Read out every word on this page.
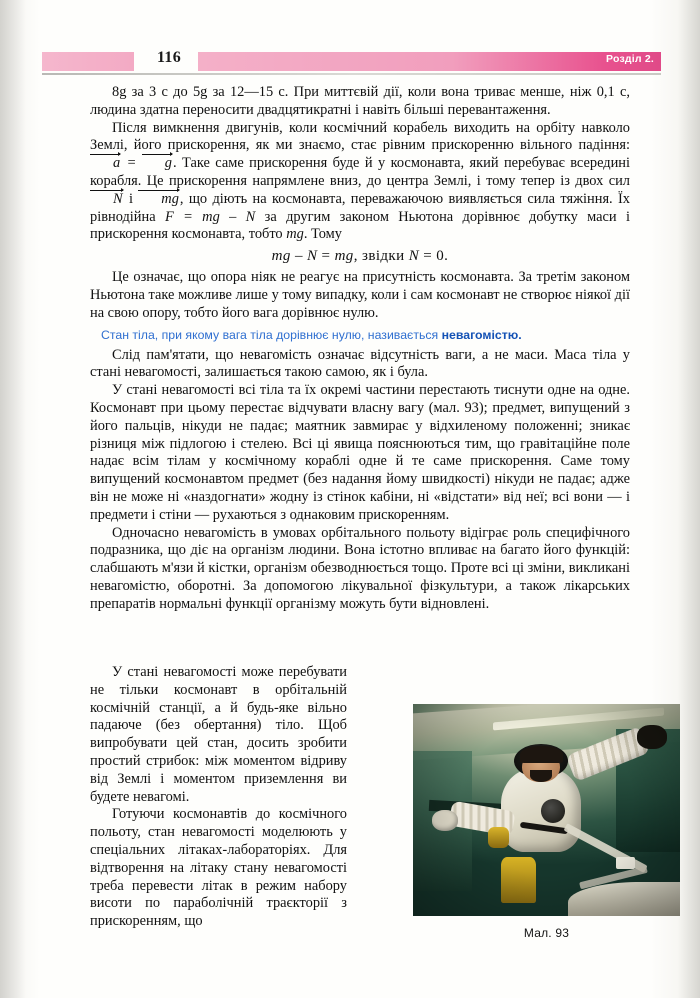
116	Розділ 2.

8g за 3 с до 5g за 12—15 с. При миттєвій дії, коли вона триває менше, ніж 0,1 с, людина здатна переносити двадцятикратні і навіть більші перевантаження.

Після вимкнення двигунів, коли космічний корабель виходить на орбіту навколо Землі, його прискорення, як ми знаємо, стає рівним прискоренню вільного падіння: a = g. Таке саме прискорення буде й у космонавта, який перебуває всередині корабля. Це прискорення напрямлене вниз, до центра Землі, і тому тепер із двох сил N і mg, що діють на космонавта, переважаючою виявляється сила тяжіння. Їх рівнодійна F = mg – N за другим законом Ньютона дорівнює добутку маси і прискорення космонавта, тобто mg. Тому

mg – N = mg, звідки N = 0.

Це означає, що опора ніяк не реагує на присутність космонавта. За третім законом Ньютона таке можливе лише у тому випадку, коли і сам космонавт не створює ніякої дії на свою опору, тобто його вага дорівнює нулю.

Стан тіла, при якому вага тіла дорівнює нулю, називається невагомістю.

Слід пам'ятати, що невагомість означає відсутність ваги, а не маси. Маса тіла у стані невагомості, залишається такою самою, як і була.

У стані невагомості всі тіла та їх окремі частини перестають тиснути одне на одне. Космонавт при цьому перестає відчувати власну вагу (мал. 93); предмет, випущений з його пальців, нікуди не падає; маятник завмирає у відхиленому положенні; зникає різниця між підлогою і стелею. Всі ці явища пояснюються тим, що гравітаційне поле надає всім тілам у космічному кораблі одне й те саме прискорення. Саме тому випущений космонавтом предмет (без надання йому швидкості) нікуди не падає; адже він не може ні «наздогнати» жодну із стінок кабіни, ні «відстати» від неї; всі вони — і предмети і стіни — рухаються з однаковим прискоренням.

Одночасно невагомість в умовах орбітального польоту відіграє роль специфічного подразника, що діє на організм людини. Вона істотно впливає на багато його функцій: слабшають м'язи й кістки, організм обезводнюється тощо. Проте всі ці зміни, викликані невагомістю, оборотні. За допомогою лікувальної фізкультури, а також лікарських препаратів нормальні функції організму можуть бути відновлені.

У стані невагомості може перебувати не тільки космонавт в орбітальній космічній станції, а й будь-яке вільно падаюче (без обертання) тіло. Щоб випробувати цей стан, досить зробити простий стрибок: між моментом відриву від Землі і моментом приземлення ви будете невагомі.

Готуючи космонавтів до космічного польоту, стан невагомості моделюють у спеціальних літаках-лабораторіях. Для відтворення на літаку стану невагомості треба перевести літак в режим набору висоти по параболічній траєкторії з прискоренням, що

Мал. 93
